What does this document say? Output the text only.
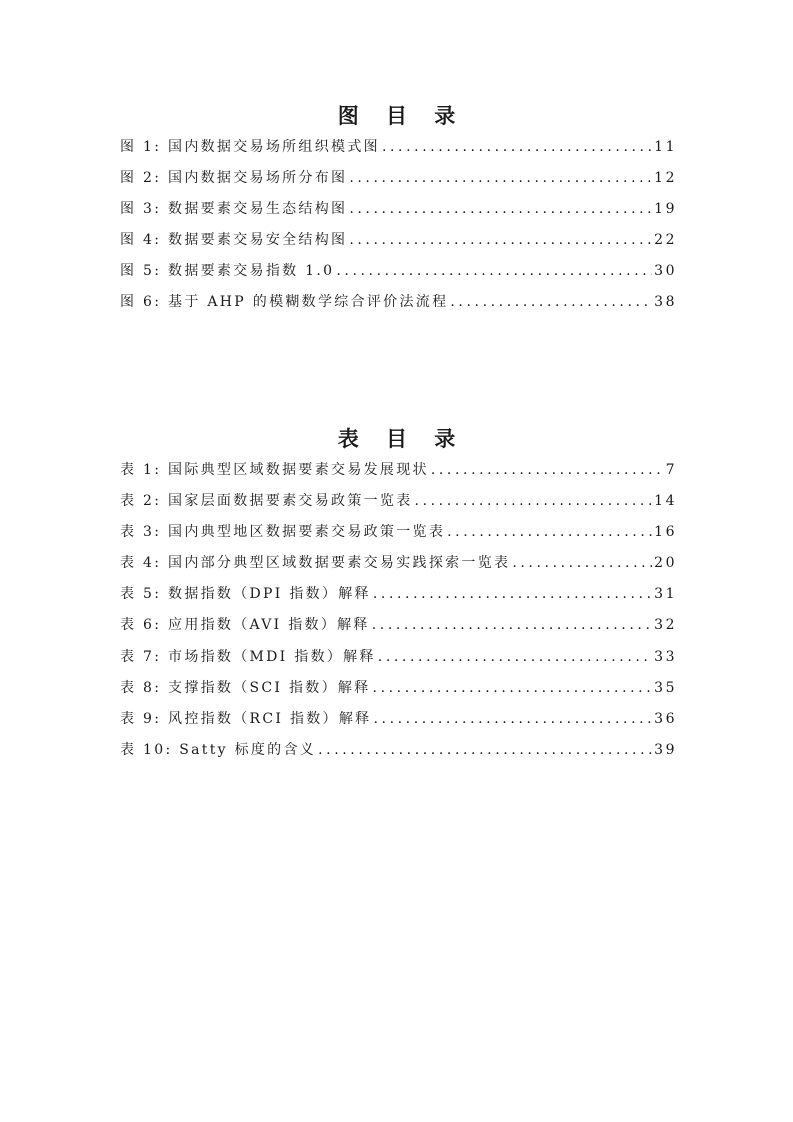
图 目 录
图 1: 国内数据交易场所组织模式图 .....	11
图 2: 国内数据交易场所分布图 .....	12
图 3: 数据要素交易生态结构图 .....	19
图 4: 数据要素交易安全结构图 .....	22
图 5: 数据要素交易指数 1.0 .....	30
图 6: 基于 AHP 的模糊数学综合评价法流程 .....	38
表 目 录
表 1: 国际典型区域数据要素交易发展现状 .....	7
表 2: 国家层面数据要素交易政策一览表 .....	14
表 3: 国内典型地区数据要素交易政策一览表 .....	16
表 4: 国内部分典型区域数据要素交易实践探索一览表 .....	20
表 5: 数据指数（DPI 指数）解释 .....	31
表 6: 应用指数（AVI 指数）解释 .....	32
表 7: 市场指数（MDI 指数）解释 .....	33
表 8: 支撑指数（SCI 指数）解释 .....	35
表 9: 风控指数（RCI 指数）解释 .....	36
表 10: Satty 标度的含义 .....	39
